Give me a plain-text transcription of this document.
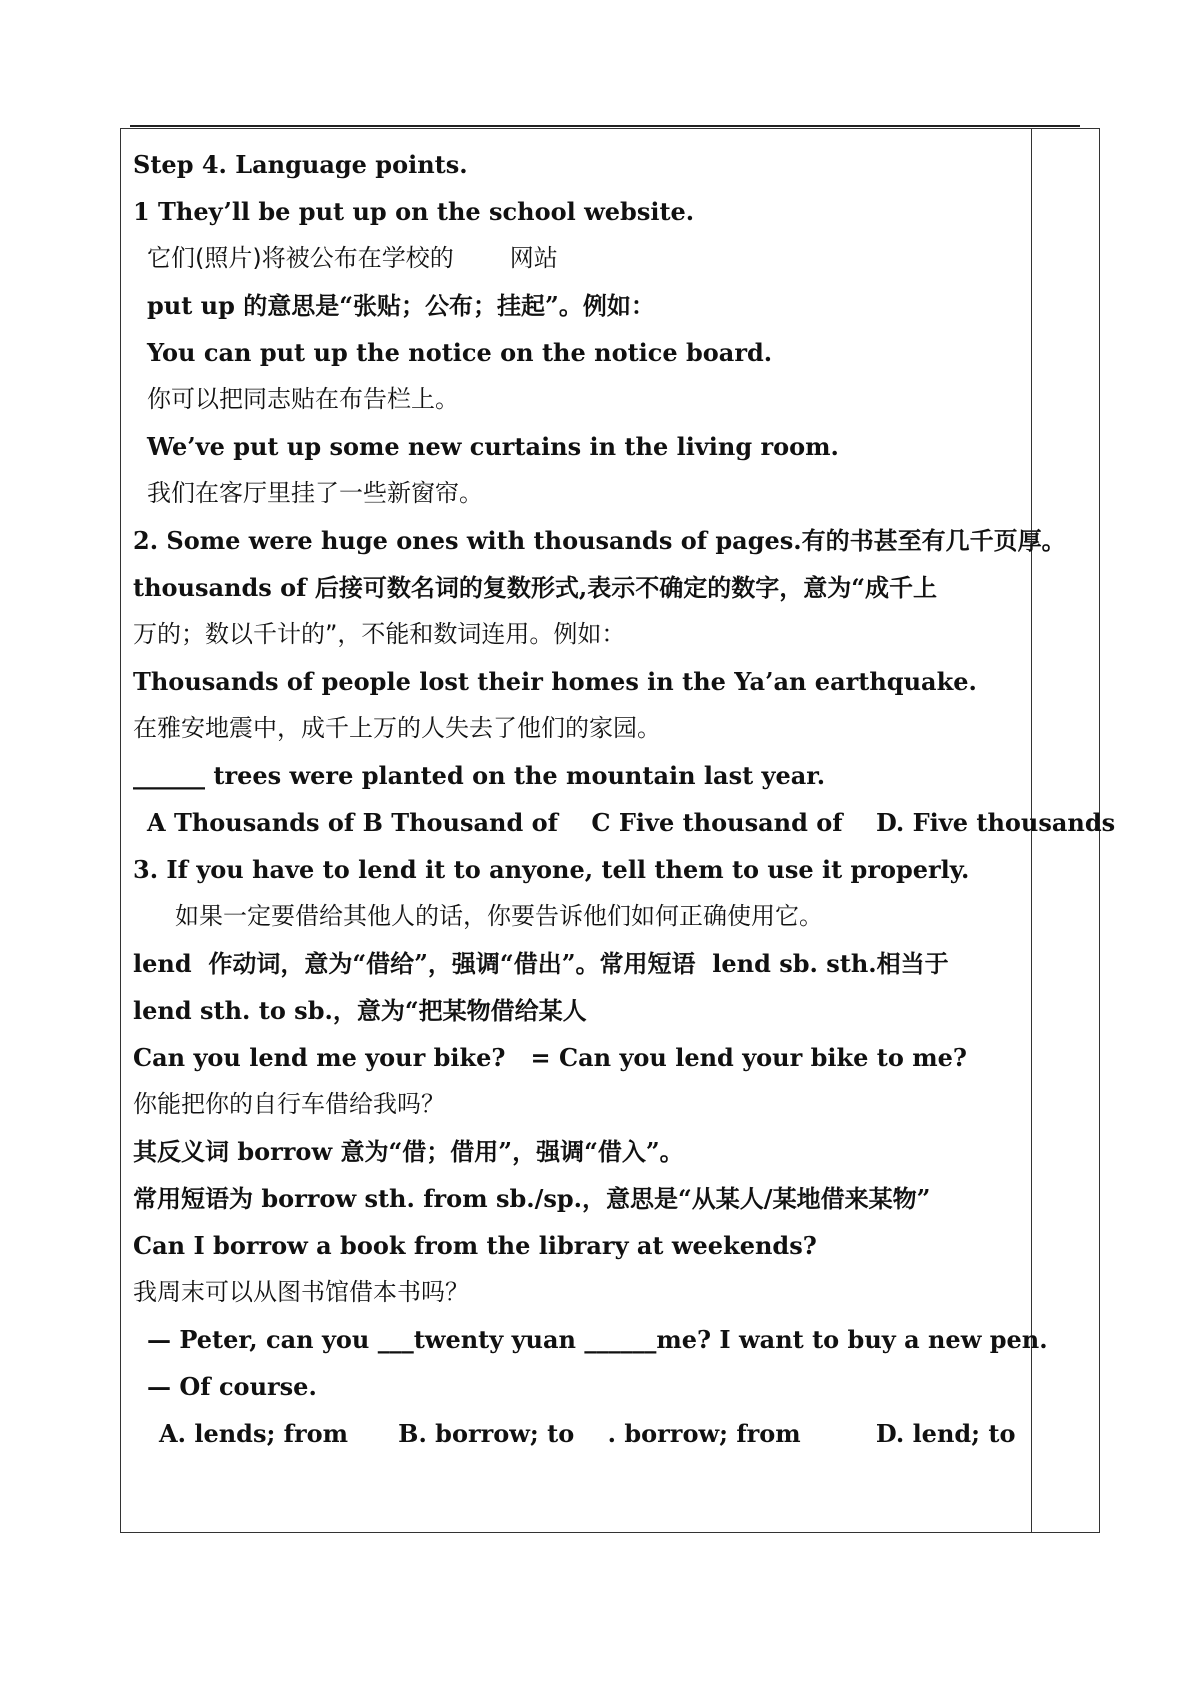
Step 4. Language points.
1 They’ll be put up on the school website.
它们(照片)将被公布在学校的 网站
put up 的意思是“张贴；公布；挂起”。例如：
You can put up the notice on the notice board.
你可以把同志贴在布告栏上。
We’ve put up some new curtains in the living room.
我们在客厅里挂了一些新窗帘。
2. Some were huge ones with thousands of pages.有的书甚至有几千页厚。
thousands of 后接可数名词的复数形式,表示不确定的数字，意为“成千上
万的；数以千计的”，不能和数词连用。例如：
Thousands of people lost their homes in the Ya’an earthquake.
在雅安地震中，成千上万的人失去了他们的家园。
______ trees were planted on the mountain last year.
A Thousands of B Thousand of    C Five thousand of    D. Five thousands
3. If you have to lend it to anyone, tell them to use it properly.
如果一定要借给其他人的话，你要告诉他们如何正确使用它。
lend  作动词，意为“借给”，强调“借出”。常用短语  lend sb. sth.相当于
lend sth. to sb.，意为“把某物借给某人
Can you lend me your bike?   = Can you lend your bike to me?
你能把你的自行车借给我吗？
其反义词 borrow 意为“借；借用”，强调“借入”。
常用短语为 borrow sth. from sb./sp.，意思是“从某人/某地借来某物”
Can I borrow a book from the library at weekends?
我周末可以从图书馆借本书吗？
— Peter, can you ___twenty yuan ______me? I want to buy a new pen.
— Of course.
A. lends; from      B. borrow; to    . borrow; from         D. lend; to
